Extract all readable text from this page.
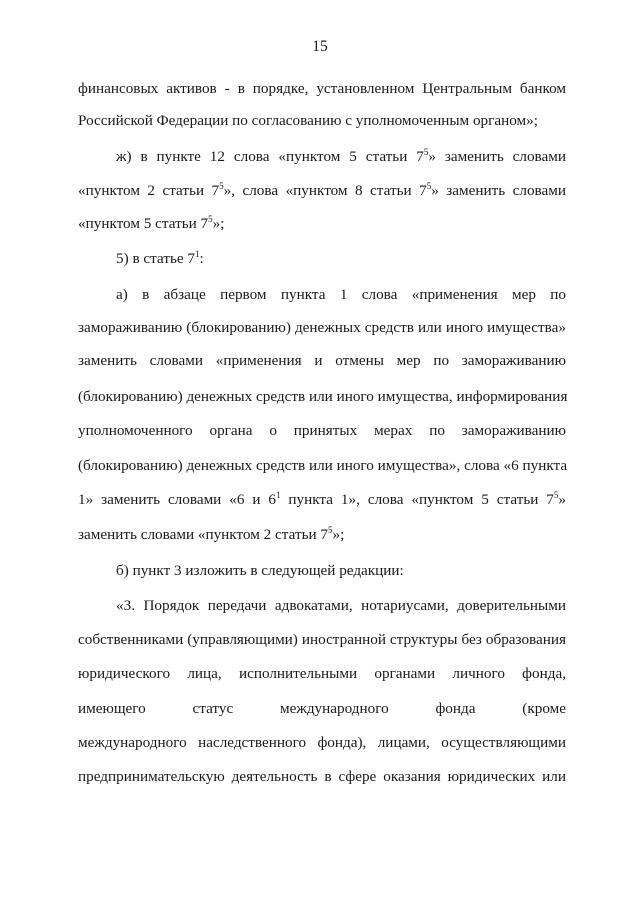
15
финансовых активов - в порядке, установленном Центральным банком
Российской Федерации по согласованию с уполномоченным органом»;
ж) в пункте 12 слова «пунктом 5 статьи $7^5$» заменить словами
«пунктом 2 статьи $7^5$», слова «пунктом 8 статьи $7^5$» заменить словами
«пунктом 5 статьи $7^5$»;
5) в статье $7^1$:
а) в абзаце первом пункта 1 слова «применения мер по
замораживанию (блокированию) денежных средств или иного имущества»
заменить словами «применения и отмены мер по замораживанию
(блокированию) денежных средств или иного имущества, информирования
уполномоченного органа о принятых мерах по замораживанию
(блокированию) денежных средств или иного имущества», слова «6 пункта
1» заменить словами «6 и $6^1$ пункта 1», слова «пунктом 5 статьи $7^5$»
заменить словами «пунктом 2 статьи $7^5$»;
б) пункт 3 изложить в следующей редакции:
«3. Порядок передачи адвокатами, нотариусами, доверительными
собственниками (управляющими) иностранной структуры без образования
юридического лица, исполнительными органами личного фонда,
имеющего статус международного фонда (кроме
международного наследственного фонда), лицами, осуществляющими
предпринимательскую деятельность в сфере оказания юридических или
